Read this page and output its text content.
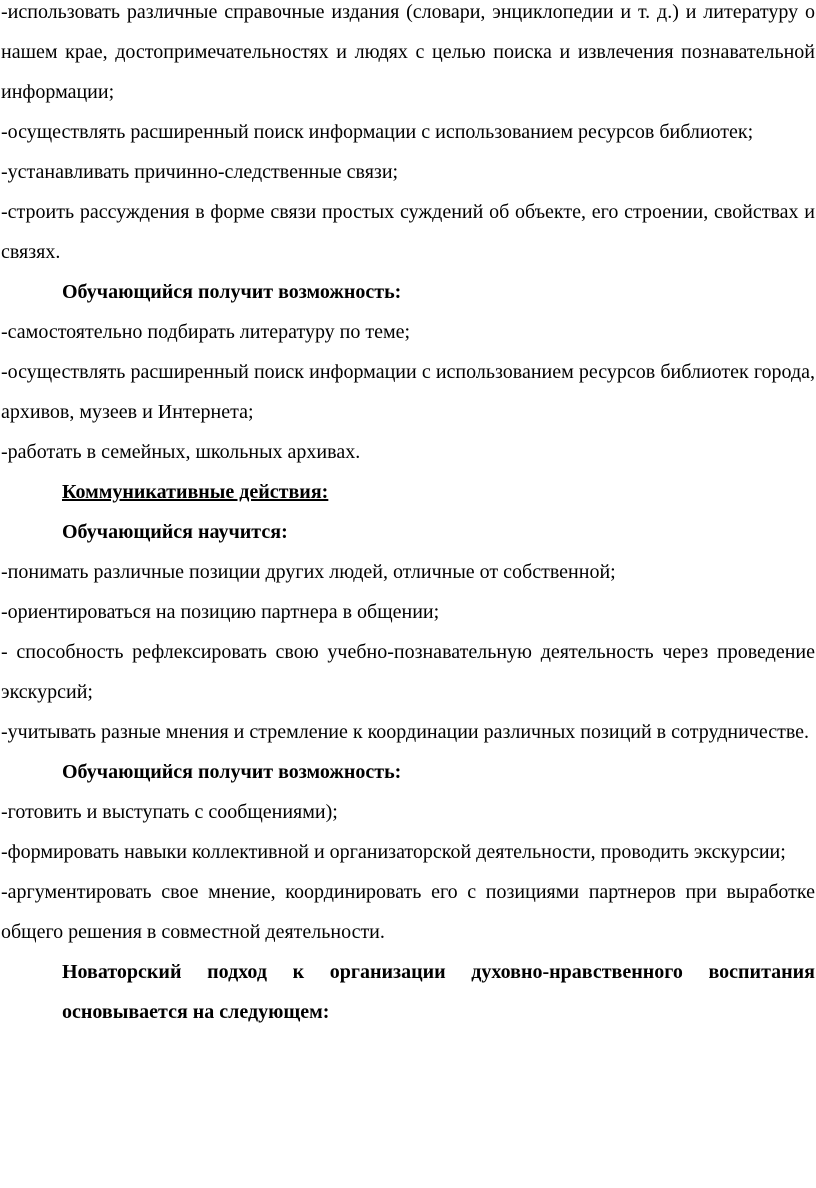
-использовать различные справочные издания (словари, энциклопедии и т. д.) и литературу о нашем крае, достопримечательностях и людях с целью поиска и извлечения познавательной информации;

-осуществлять расширенный поиск информации с использованием ресурсов библиотек;

-устанавливать причинно-следственные связи;

-строить рассуждения в форме связи простых суждений об объекте, его строении, свойствах и связях.

Обучающийся получит возможность:

-самостоятельно подбирать литературу по теме;

-осуществлять расширенный поиск информации с использованием ресурсов библиотек города, архивов, музеев и Интернета;

-работать в семейных, школьных архивах.

Коммуникативные действия:

Обучающийся научится:

-понимать различные позиции других людей, отличные от собственной;

-ориентироваться на позицию партнера в общении;

- способность рефлексировать свою учебно-познавательную деятельность через проведение экскурсий;

-учитывать разные мнения и стремление к координации различных позиций в сотрудничестве.

Обучающийся получит возможность:

-готовить и выступать с сообщениями);

-формировать навыки коллективной и организаторской деятельности, проводить экскурсии;

-аргументировать свое мнение, координировать его с позициями партнеров при выработке общего решения в совместной деятельности.

Новаторский подход к организации духовно-нравственного воспитания основывается на следующем:
